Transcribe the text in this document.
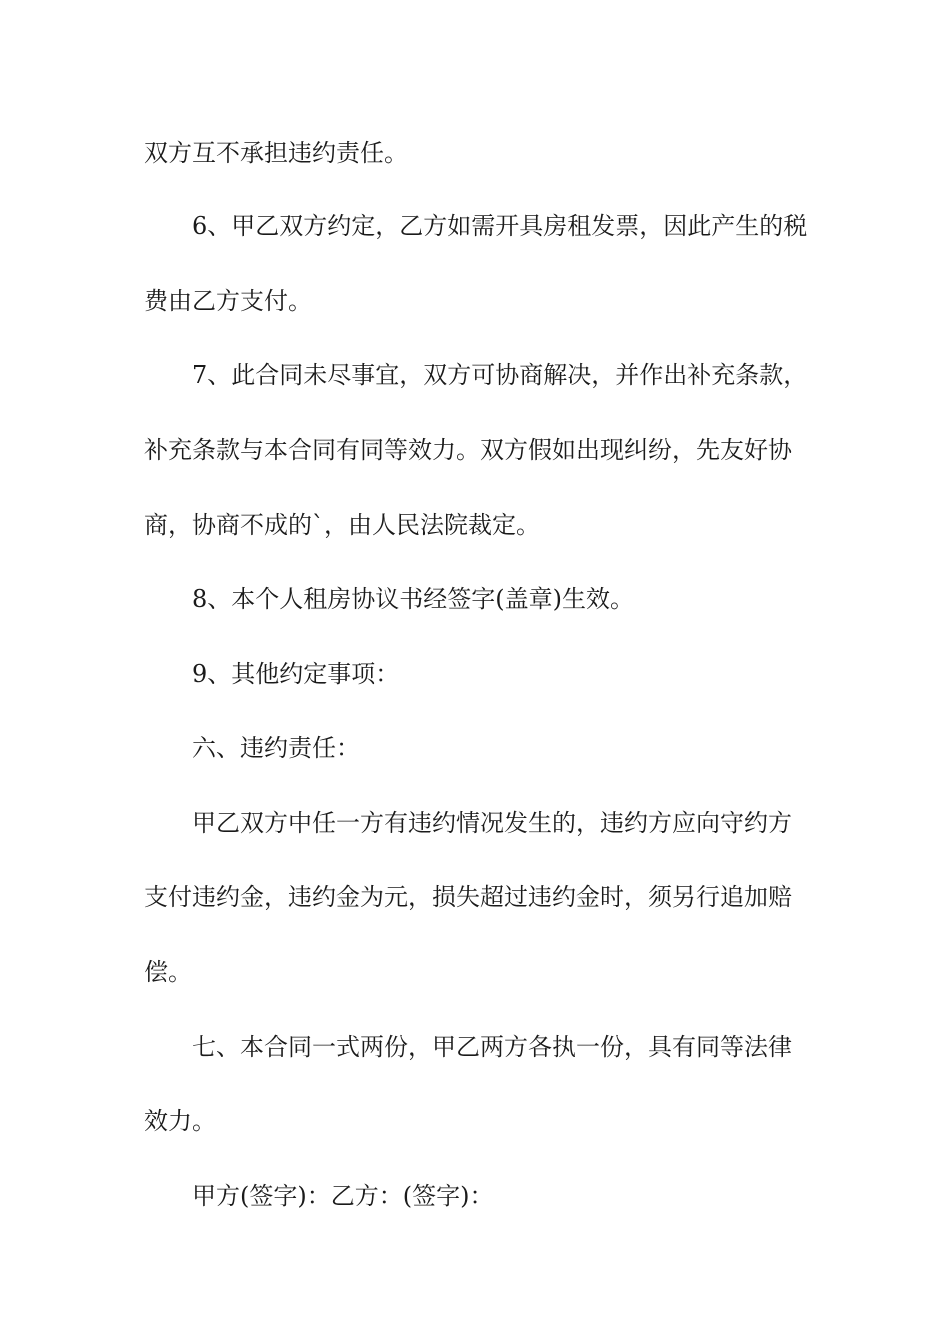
双方互不承担违约责任。

6、甲乙双方约定，乙方如需开具房租发票，因此产生的税

费由乙方支付。

7、此合同未尽事宜，双方可协商解决，并作出补充条款，

补充条款与本合同有同等效力。双方假如出现纠纷，先友好协

商，协商不成的`，由人民法院裁定。

8、本个人租房协议书经签字(盖章)生效。

9、其他约定事项：

六、违约责任：

甲乙双方中任一方有违约情况发生的，违约方应向守约方

支付违约金，违约金为元，损失超过违约金时，须另行追加赔

偿。

七、本合同一式两份，甲乙两方各执一份，具有同等法律

效力。

甲方(签字)：乙方：(签字)：
